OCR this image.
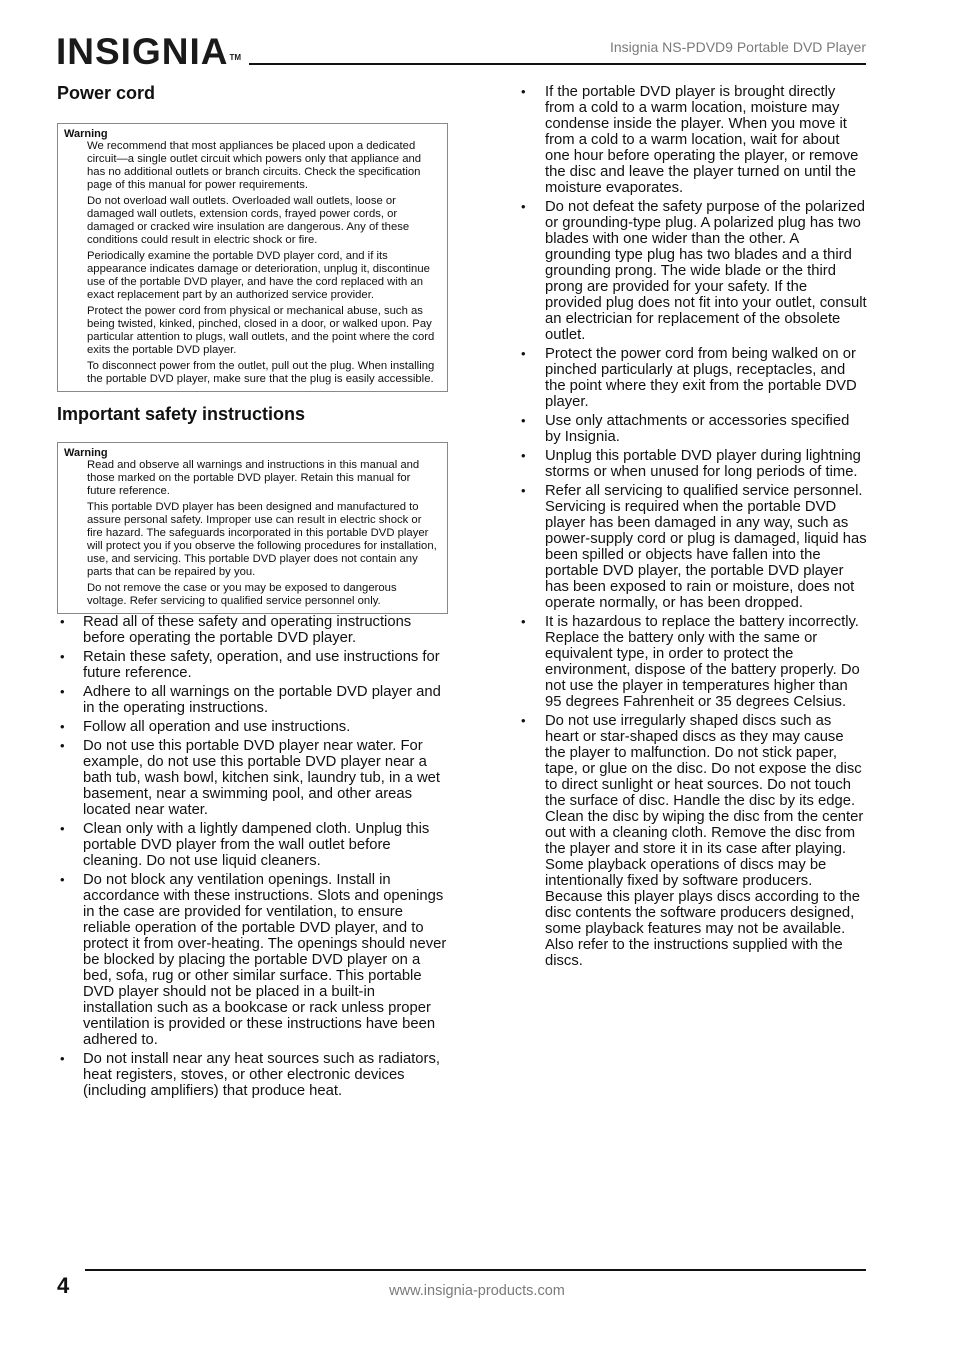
INSIGNIA™
Insignia NS-PDVD9 Portable DVD Player
Power cord
Warning

We recommend that most appliances be placed upon a dedicated circuit—a single outlet circuit which powers only that appliance and has no additional outlets or branch circuits. Check the specification page of this manual for power requirements.

Do not overload wall outlets. Overloaded wall outlets, loose or damaged wall outlets, extension cords, frayed power cords, or damaged or cracked wire insulation are dangerous. Any of these conditions could result in electric shock or fire.

Periodically examine the portable DVD player cord, and if its appearance indicates damage or deterioration, unplug it, discontinue use of the portable DVD player, and have the cord replaced with an exact replacement part by an authorized service provider.

Protect the power cord from physical or mechanical abuse, such as being twisted, kinked, pinched, closed in a door, or walked upon. Pay particular attention to plugs, wall outlets, and the point where the cord exits the portable DVD player.

To disconnect power from the outlet, pull out the plug. When installing the portable DVD player, make sure that the plug is easily accessible.

Important safety instructions
Warning

Read and observe all warnings and instructions in this manual and those marked on the portable DVD player. Retain this manual for future reference.

This portable DVD player has been designed and manufactured to assure personal safety. Improper use can result in electric shock or fire hazard. The safeguards incorporated in this portable DVD player will protect you if you observe the following procedures for installation, use, and servicing. This portable DVD player does not contain any parts that can be repaired by you.

Do not remove the case or you may be exposed to dangerous voltage. Refer servicing to qualified service personnel only.

• Read all of these safety and operating instructions before operating the portable DVD player.
• Retain these safety, operation, and use instructions for future reference.
• Adhere to all warnings on the portable DVD player and in the operating instructions.
• Follow all operation and use instructions.
• Do not use this portable DVD player near water. For example, do not use this portable DVD player near a bath tub, wash bowl, kitchen sink, laundry tub, in a wet basement, near a swimming pool, and other areas located near water.
• Clean only with a lightly dampened cloth. Unplug this portable DVD player from the wall outlet before cleaning. Do not use liquid cleaners.
• Do not block any ventilation openings. Install in accordance with these instructions. Slots and openings in the case are provided for ventilation, to ensure reliable operation of the portable DVD player, and to protect it from over-heating. The openings should never be blocked by placing the portable DVD player on a bed, sofa, rug or other similar surface. This portable DVD player should not be placed in a built-in installation such as a bookcase or rack unless proper ventilation is provided or these instructions have been adhered to.
• Do not install near any heat sources such as radiators, heat registers, stoves, or other electronic devices (including amplifiers) that produce heat.
• If the portable DVD player is brought directly from a cold to a warm location, moisture may condense inside the player. When you move it from a cold to a warm location, wait for about one hour before operating the player, or remove the disc and leave the player turned on until the moisture evaporates.
• Do not defeat the safety purpose of the polarized or grounding-type plug. A polarized plug has two blades with one wider than the other. A grounding type plug has two blades and a third grounding prong. The wide blade or the third prong are provided for your safety. If the provided plug does not fit into your outlet, consult an electrician for replacement of the obsolete outlet.
• Protect the power cord from being walked on or pinched particularly at plugs, receptacles, and the point where they exit from the portable DVD player.
• Use only attachments or accessories specified by Insignia.
• Unplug this portable DVD player during lightning storms or when unused for long periods of time.
• Refer all servicing to qualified service personnel. Servicing is required when the portable DVD player has been damaged in any way, such as power-supply cord or plug is damaged, liquid has been spilled or objects have fallen into the portable DVD player, the portable DVD player has been exposed to rain or moisture, does not operate normally, or has been dropped.
• It is hazardous to replace the battery incorrectly. Replace the battery only with the same or equivalent type, in order to protect the environment, dispose of the battery properly. Do not use the player in temperatures higher than 95 degrees Fahrenheit or 35 degrees Celsius.
• Do not use irregularly shaped discs such as heart or star-shaped discs as they may cause the player to malfunction. Do not stick paper, tape, or glue on the disc. Do not expose the disc to direct sunlight or heat sources. Do not touch the surface of disc. Handle the disc by its edge. Clean the disc by wiping the disc from the center out with a cleaning cloth. Remove the disc from the player and store it in its case after playing. Some playback operations of discs may be intentionally fixed by software producers. Because this player plays discs according to the disc contents the software producers designed, some playback features may not be available. Also refer to the instructions supplied with the discs.
4	www.insignia-products.com
